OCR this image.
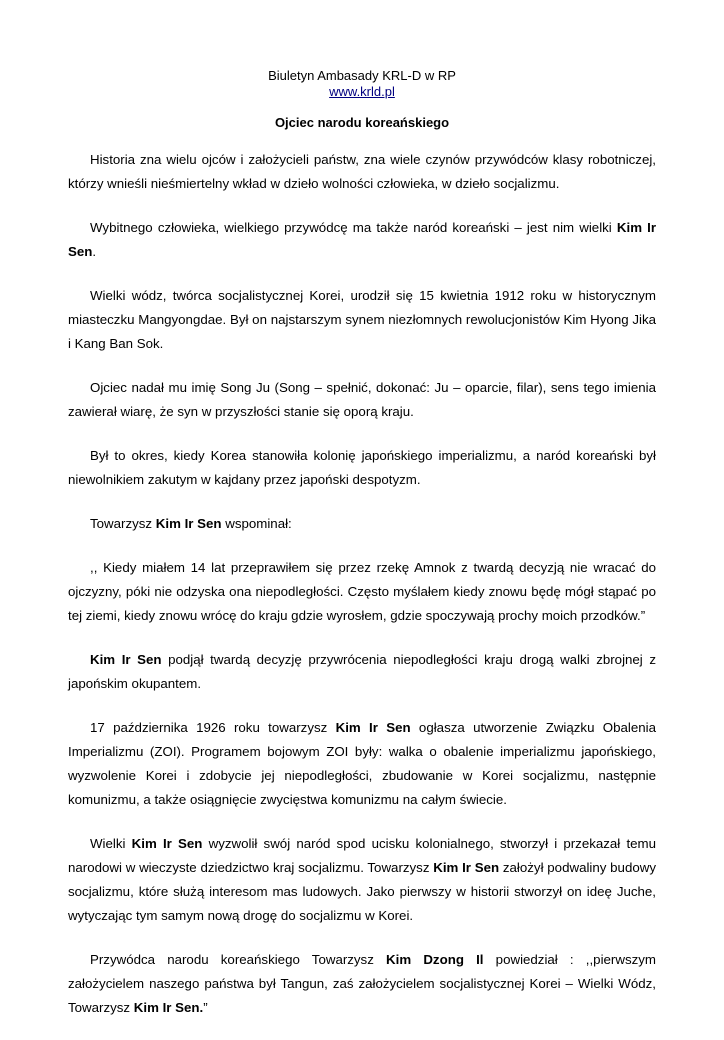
Biuletyn Ambasady KRL-D w RP

www.krld.pl

Ojciec narodu koreańskiego

Historia zna wielu ojców i założycieli państw, zna wiele czynów przywódców klasy robotniczej, którzy wnieśli nieśmiertelny wkład w dzieło wolności człowieka, w dzieło socjalizmu.

Wybitnego człowieka, wielkiego przywódcę ma także naród koreański – jest nim wielki Kim Ir Sen.

Wielki wódz, twórca socjalistycznej Korei, urodził się 15 kwietnia 1912 roku w historycznym miasteczku Mangyongdae. Był on najstarszym synem niezłomnych rewolucjonistów Kim Hyong Jika i Kang Ban Sok.

Ojciec nadał mu imię Song Ju (Song – spełnić, dokonać: Ju – oparcie, filar), sens tego imienia zawierał wiarę, że syn w przyszłości stanie się oporą kraju.

Był to okres, kiedy Korea stanowiła kolonię japońskiego imperializmu, a naród koreański był niewolnikiem zakutym w kajdany przez japoński despotyzm.

Towarzysz Kim Ir Sen wspominał:

,, Kiedy miałem 14 lat przeprawiłem się przez rzekę Amnok z twardą decyzją nie wracać do ojczyzny, póki nie odzyska ona niepodległości. Często myślałem kiedy znowu będę mógł stąpać po tej ziemi, kiedy znowu wrócę do kraju gdzie wyrosłem, gdzie spoczywają prochy moich przodków.”

Kim Ir Sen podjął twardą decyzję przywrócenia niepodległości kraju drogą walki zbrojnej z japońskim okupantem.

17 października 1926 roku towarzysz Kim Ir Sen ogłasza utworzenie Związku Obalenia Imperializmu (ZOI). Programem bojowym ZOI były: walka o obalenie imperializmu japońskiego, wyzwolenie Korei i zdobycie jej niepodległości, zbudowanie w Korei socjalizmu, następnie komunizmu, a także osiągnięcie zwycięstwa komunizmu na całym świecie.

Wielki Kim Ir Sen wyzwolił swój naród spod ucisku kolonialnego, stworzył i przekazał temu narodowi w wieczyste dziedzictwo kraj socjalizmu. Towarzysz Kim Ir Sen założył podwaliny budowy socjalizmu, które służą interesom mas ludowych. Jako pierwszy w historii stworzył on ideę Juche, wytyczając tym samym nową drogę do socjalizmu w Korei.

Przywódca narodu koreańskiego Towarzysz Kim Dzong Il powiedział : ,,pierwszym założycielem naszego państwa był Tangun, zaś założycielem socjalistycznej Korei – Wielki Wódz, Towarzysz Kim Ir Sen.”
